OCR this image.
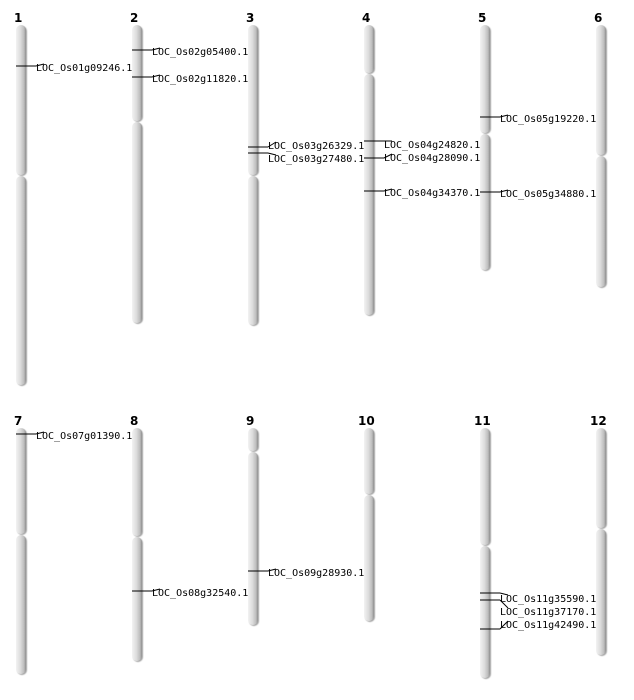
1
LOC_Os01g09246.1
2
LOC_Os02g05400.1
LOC_Os02g11820.1
3
LOC_Os03g26329.1
LOC_Os03g27480.1
4
LOC_Os04g24820.1
LOC_Os04g28090.1
LOC_Os04g34370.1
5
LOC_Os05g19220.1
LOC_Os05g34880.1
6
7
LOC_Os07g01390.1
8
LOC_Os08g32540.1
9
LOC_Os09g28930.1
10	11
LOC_Os11g35590.1
LOC_Os11g37170.1
LOC_Os11g42490.1
12
